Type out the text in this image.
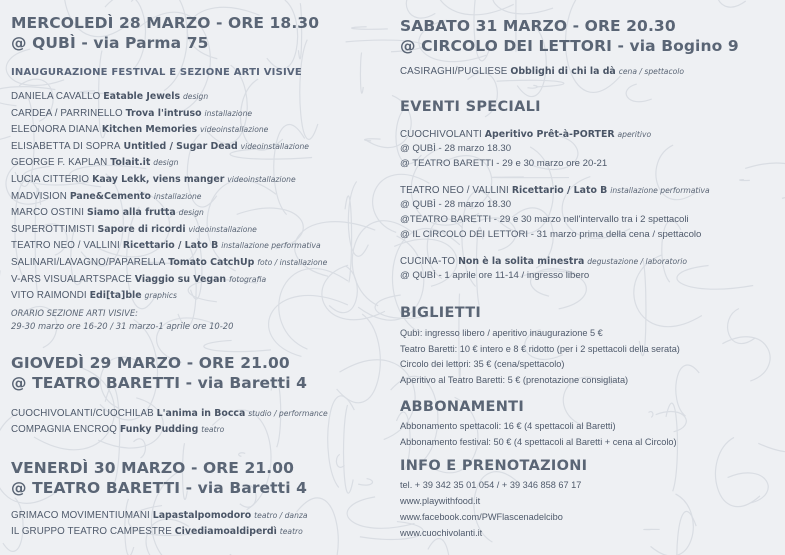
MERCOLEDÌ 28 MARZO - ORE 18.30
@ QUBÌ - via Parma 75
INAUGURAZIONE FESTIVAL E SEZIONE ARTI VISIVE
DANIELA CAVALLO Eatable Jewels design
CARDEA / PARRINELLO Trova l'intruso installazione
ELEONORA DIANA Kitchen Memories videoinstallazione
ELISABETTA DI SOPRA Untitled / Sugar Dead videoinstallazione
GEORGE F. KAPLAN Tolait.it design
LUCIA CITTERIO Kaay Lekk, viens manger videoinstallazione
MADVISION Pane&Cemento installazione
MARCO OSTINI Siamo alla frutta design
SUPEROTTIMISTI Sapore di ricordi videoinstallazione
TEATRO NEO / VALLINI Ricettario / Lato B installazione performativa
SALINARI/LAVAGNO/PAPARELLA Tomato CatchUp foto / installazione
V-ARS VISUALARTSPACE Viaggio su Vegan fotografia
VITO RAIMONDI Edi[ta]ble graphics
ORARIO SEZIONE ARTI VISIVE:
29-30 marzo ore 16-20 / 31 marzo-1 aprile ore 10-20
GIOVEDÌ 29 MARZO - ORE 21.00
@ TEATRO BARETTI - via Baretti 4
CUOCHIVOLANTI/CUOCHILAB L'anima in Bocca studio / performance
COMPAGNIA ENCROQ Funky Pudding teatro
VENERDÌ 30 MARZO - ORE 21.00
@ TEATRO BARETTI - via Baretti 4
GRIMACO MOVIMENTIUMANI Lapastalpomodoro teatro / danza
IL GRUPPO TEATRO CAMPESTRE Civediamoaldiperdì teatro
SABATO 31 MARZO - ORE 20.30
@ CIRCOLO DEI LETTORI - via Bogino 9
CASIRAGHI/PUGLIESE Obblighi di chi la dà cena / spettacolo
EVENTI SPECIALI
CUOCHIVOLANTI Aperitivo Prêt-à-PORTER aperitivo
@ QUBÌ - 28 marzo 18.30
@ TEATRO BARETTI - 29 e 30 marzo ore 20-21
TEATRO NEO / VALLINI Ricettario / Lato B installazione performativa
@ QUBÌ - 28 marzo 18.30
@TEATRO BARETTI - 29 e 30 marzo nell'intervallo tra i 2 spettacoli
@ IL CIRCOLO DEI LETTORI - 31 marzo prima della cena / spettacolo
CUCINA-TO Non è la solita minestra degustazione / laboratorio
@ QUBÌ - 1 aprile ore 11-14 / ingresso libero
BIGLIETTI
Qubì: ingresso libero / aperitivo inaugurazione 5 €
Teatro Baretti: 10 € intero e 8 € ridotto (per i 2 spettacoli della serata)
Circolo dei lettori: 35 € (cena/spettacolo)
Aperitivo al Teatro Baretti: 5 € (prenotazione consigliata)
ABBONAMENTI
Abbonamento spettacoli: 16 € (4 spettacoli al Baretti)
Abbonamento festival: 50 € (4 spettacoli al Baretti + cena al Circolo)
INFO E PRENOTAZIONI
tel. + 39 342 35 01 054 / + 39 346 858 67 17
www.playwithfood.it
www.facebook.com/PWFlascenadelcibo
www.cuochivolanti.it
